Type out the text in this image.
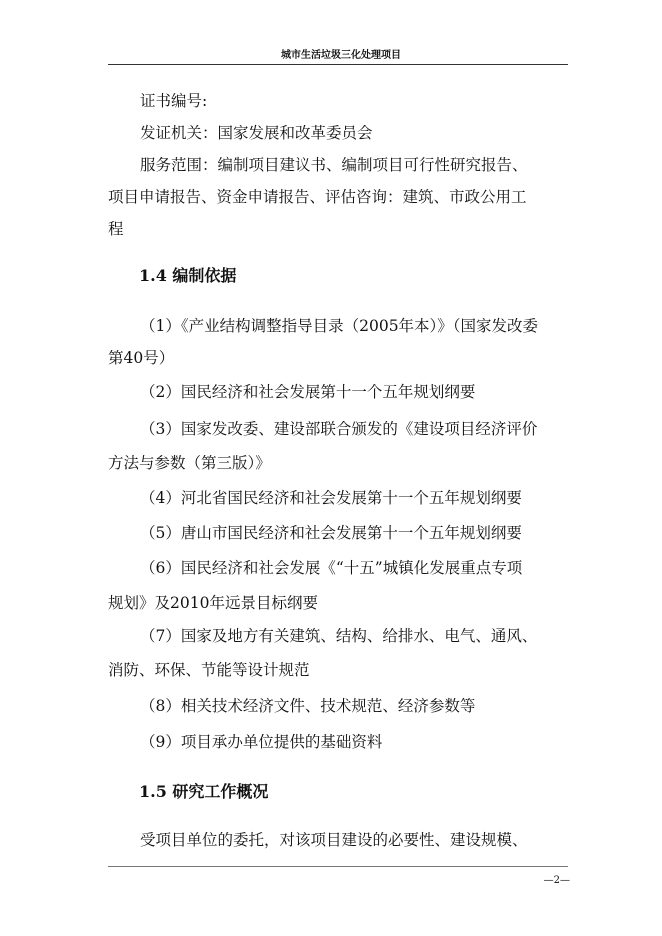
城市生活垃圾三化处理项目
证书编号:
发证机关：国家发展和改革委员会
服务范围：编制项目建议书、编制项目可行性研究报告、
项目申请报告、资金申请报告、评估咨询：建筑、市政公用工
程
1.4 编制依据
（1）《产业结构调整指导目录（2005年本）》（国家发改委
第40号）
（2）国民经济和社会发展第十一个五年规划纲要
（3）国家发改委、建设部联合颁发的《建设项目经济评价
方法与参数（第三版）》
（4）河北省国民经济和社会发展第十一个五年规划纲要
（5）唐山市国民经济和社会发展第十一个五年规划纲要
（6）国民经济和社会发展《“十五”城镇化发展重点专项
规划》及2010年远景目标纲要
（7）国家及地方有关建筑、结构、给排水、电气、通风、
消防、环保、节能等设计规范
（8）相关技术经济文件、技术规范、经济参数等
（9）项目承办单位提供的基础资料
1.5 研究工作概况
受项目单位的委托，对该项目建设的必要性、建设规模、
—2—
